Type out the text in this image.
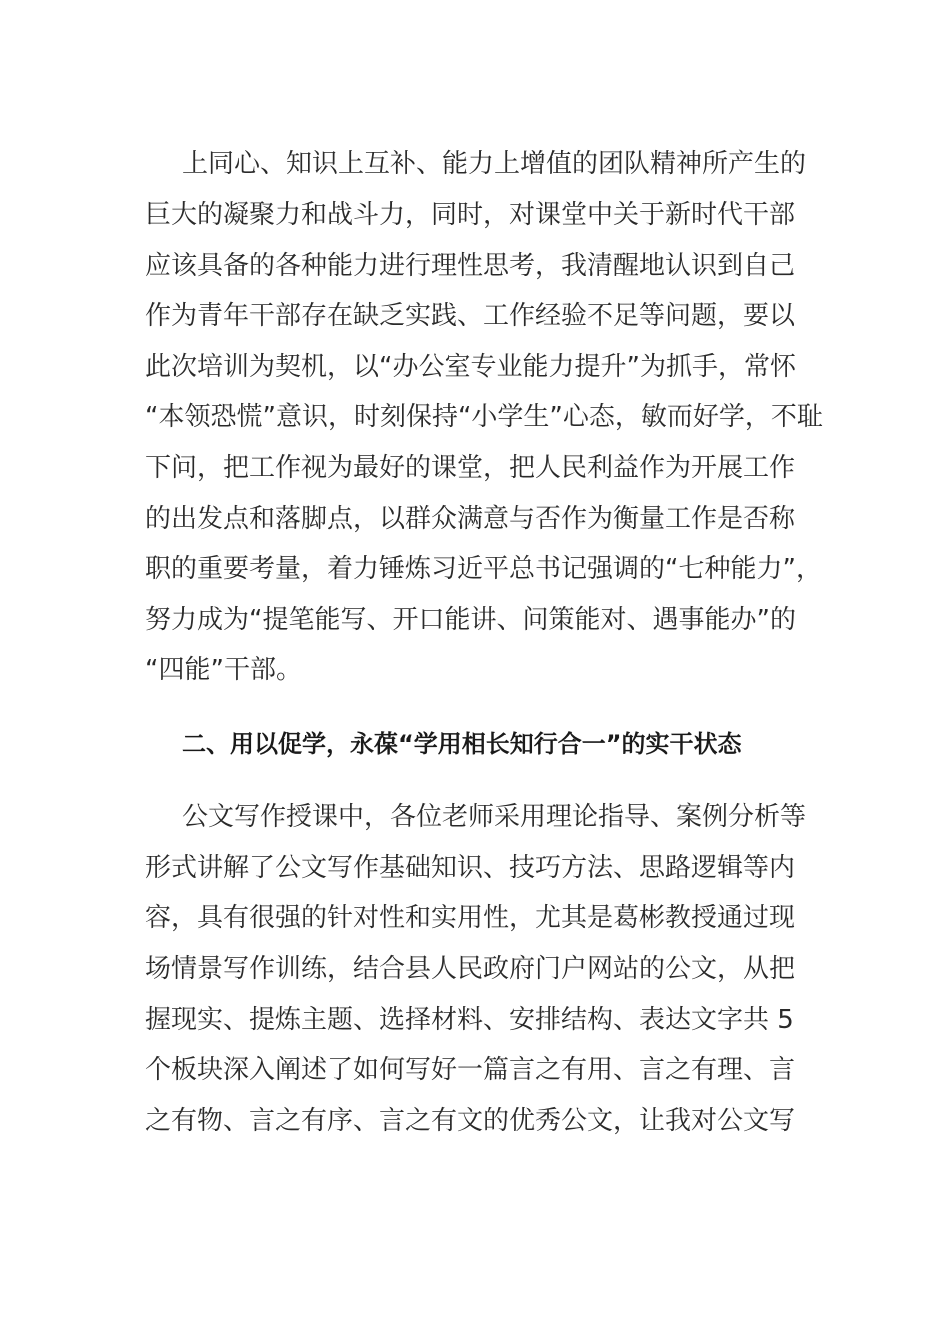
上同心、知识上互补、能力上增值的团队精神所产生的
巨大的凝聚力和战斗力，同时，对课堂中关于新时代干部
应该具备的各种能力进行理性思考，我清醒地认识到自己
作为青年干部存在缺乏实践、工作经验不足等问题，要以
此次培训为契机，以“办公室专业能力提升”为抓手，常怀
“本领恐慌”意识，时刻保持“小学生”心态，敏而好学，不耻
下问，把工作视为最好的课堂，把人民利益作为开展工作
的出发点和落脚点，以群众满意与否作为衡量工作是否称
职的重要考量，着力锤炼习近平总书记强调的“七种能力”，
努力成为“提笔能写、开口能讲、问策能对、遇事能办”的
“四能”干部。
二、用以促学，永葆“学用相长知行合一”的实干状态
公文写作授课中，各位老师采用理论指导、案例分析等
形式讲解了公文写作基础知识、技巧方法、思路逻辑等内
容，具有很强的针对性和实用性，尤其是葛彬教授通过现
场情景写作训练，结合县人民政府门户网站的公文，从把
握现实、提炼主题、选择材料、安排结构、表达文字共 5
个板块深入阐述了如何写好一篇言之有用、言之有理、言
之有物、言之有序、言之有文的优秀公文，让我对公文写
